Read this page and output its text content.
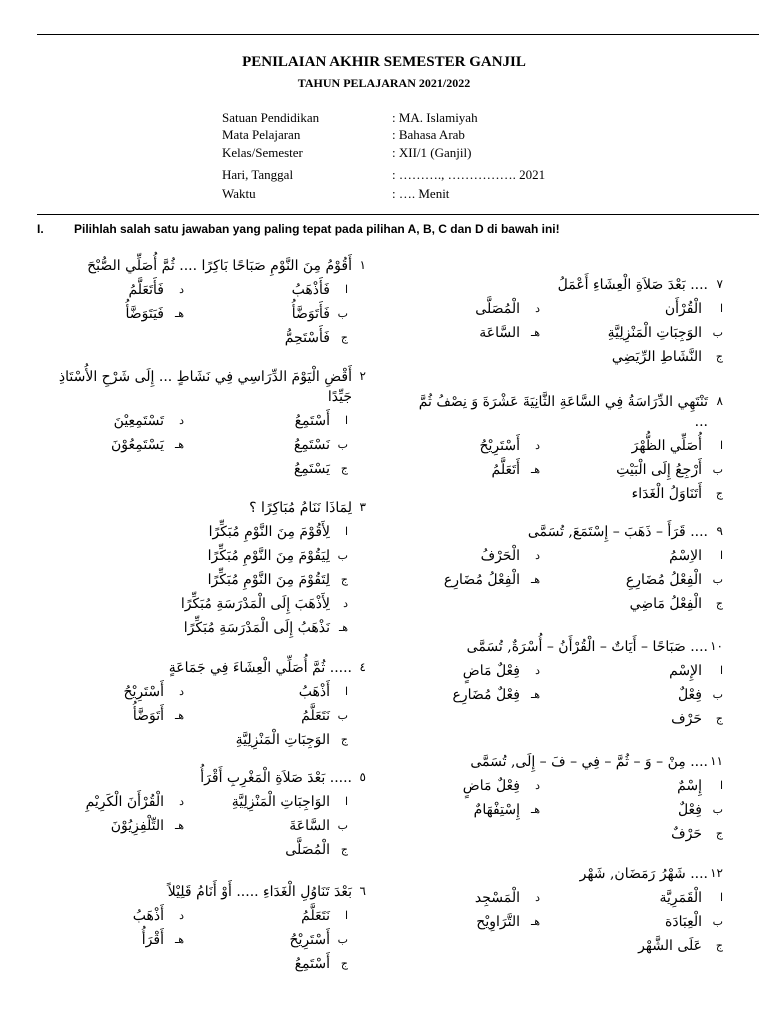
PENILAIAN AKHIR SEMESTER GANJIL
TAHUN PELAJARAN 2021/2022
Satuan Pendidikan	: MA. Islamiyah
Mata Pelajaran	: Bahasa Arab
Kelas/Semester	: XII/1 (Ganjil)
Hari, Tanggal	: ………., ……………. 2021
Waktu	: …. Menit
I.	Pilihlah salah satu jawaban yang paling tepat pada pilihan A, B, C dan D di bawah ini!
١
أَقُوْمُ مِنَ النَّوْمِ صَبَاحًا بَاكِرًا .... ثُمَّ أُصَلِّي الصُّبْحَ
ا
فَأَذْهَبُ
د
فَأَتَعَلَّمُ
ب
فَأَتَوَضَّأُ
هـ
فَيَتَوَضَّأُ
ج
فَأَسْتَحِمُّ
٢
أَقْضِ الْيَوْمَ الدِّرَاسِي فِي نَشَاطٍ ... إِلَى شَرْحِ الأُسْتَاذِ
جَيِّدًا
ا
أَسْتَمِعُ
د
تَسْتَمِعِيْنَ
ب
نَسْتَمِعُ
هـ
يَسْتَمِعُوْنَ
ج
يَسْتَمِعُ
٣
لِمَاذَا نَنَامُ مُبَاكِرًا ؟
ا
لِأَقُوْمَ مِنَ النَّوْمِ مُبَكِّرًا
ب
لِيَقُوْمَ مِنَ النَّوْمِ مُبَكِّرًا
ج
لِتَقُوْمَ مِنَ النَّوْمِ مُبَكِّرًا
د
لِأَذْهَبَ إِلَى الْمَدْرَسَةِ مُبَكِّرًا
هـ
نَذْهَبُ إِلَى الْمَدْرَسَةِ مُبَكِّرًا
٤
..... ثُمَّ أُصَلِّي الْعِشَاءَ فِي جَمَاعَةٍ
ا
أَذْهَبُ
د
أَسْتَرِيْحُ
ب
نَتَعَلَّمُ
هـ
أَتَوَضَّأُ
ج
الوَجِبَاتِ الْمَنْزِلِيَّةِ
٥
..... بَعْدَ صَلاَةِ الْمَغْرِبِ أَقْرَأُ
ا
الوَاجِبَاتِ الْمَنْزِلِيَّةِ
د
الْقُرْأَنَ الْكَرِيْمِ
ب
السَّاعَةَ
هـ
التِّلْفِزِيُوْنَ
ج
الْمُصَلَّى
٦
بَعْدَ تَنَاوُلِ الْغَدَاءِ ..... أَوْ أَنَامُ قَلِيْلاً
ا
نَتَعَلَّمُ
د
أَذْهَبُ
ب
أَسْتَرِيْحُ
هـ
أَقْرَأُ
ج
أَسْتَمِعُ
٧
.... بَعْدَ صَلاَةِ الْعِشَاءِ أَعْمَلُ
ا
الْقُرْأَن
د
الْمُصَلَّى
ب
الوَجِبَاتِ الْمَنْزِلِيَّةِ
هـ
السَّاعَة
ج
النَّشَاطِ الرِّيَضِي
٨
تَنْتَهِي الدِّرَاسَةُ فِي السَّاعَةِ الثَّانِيَةَ عَشْرَةَ وَ نِصْفُ ثُمَّ
...
ا
أُصَلِّي الظُّهْرَ
د
أَسْتَرِيْحُ
ب
أَرْجِعُ إِلَى الْبَيْتِ
هـ
أَتَعَلَّمُ
ج
أَتَنَاوَلُ الْغَدَاء
٩
.... قَرَأَ – ذَهَبَ – إِسْتَمَعَ, تُسَمَّى
ا
الاِسْمُ
د
الْحَرْفُ
ب
الْفِعْلُ مُضَارِعِ
هـ
الْفِعْلُ مُضَارِع
ج
الْفِعْلُ مَاضِي
١٠
.... صَبَاحًا – أَيَاتٌ – الْقُرْأَنُ – أُسْرَةٌ, تُسَمَّى
ا
الإِسْم
د
فِعْلٌ مَاضٍ
ب
فِعْلٌ
هـ
فِعْلٌ مُضَارِع
ج
حَرْف
١١
.... مِنْ – وَ – ثُمَّ – فِي – فَ – إِلَى, تُسَمَّى
ا
إِسْمٌ
د
فِعْلٌ مَاضٍ
ب
فِعْلٌ
هـ
إِسْتِفْهَامٌ
ج
حَرْفٌ
١٢
.... شَهْرُ رَمَضَان, شَهْر
ا
الْقَمَرِيَّة
د
الْمَسْجِد
ب
الْعِبَادَة
هـ
التَّرَاوِيْح
ج
عَلَى الشَّهْر
